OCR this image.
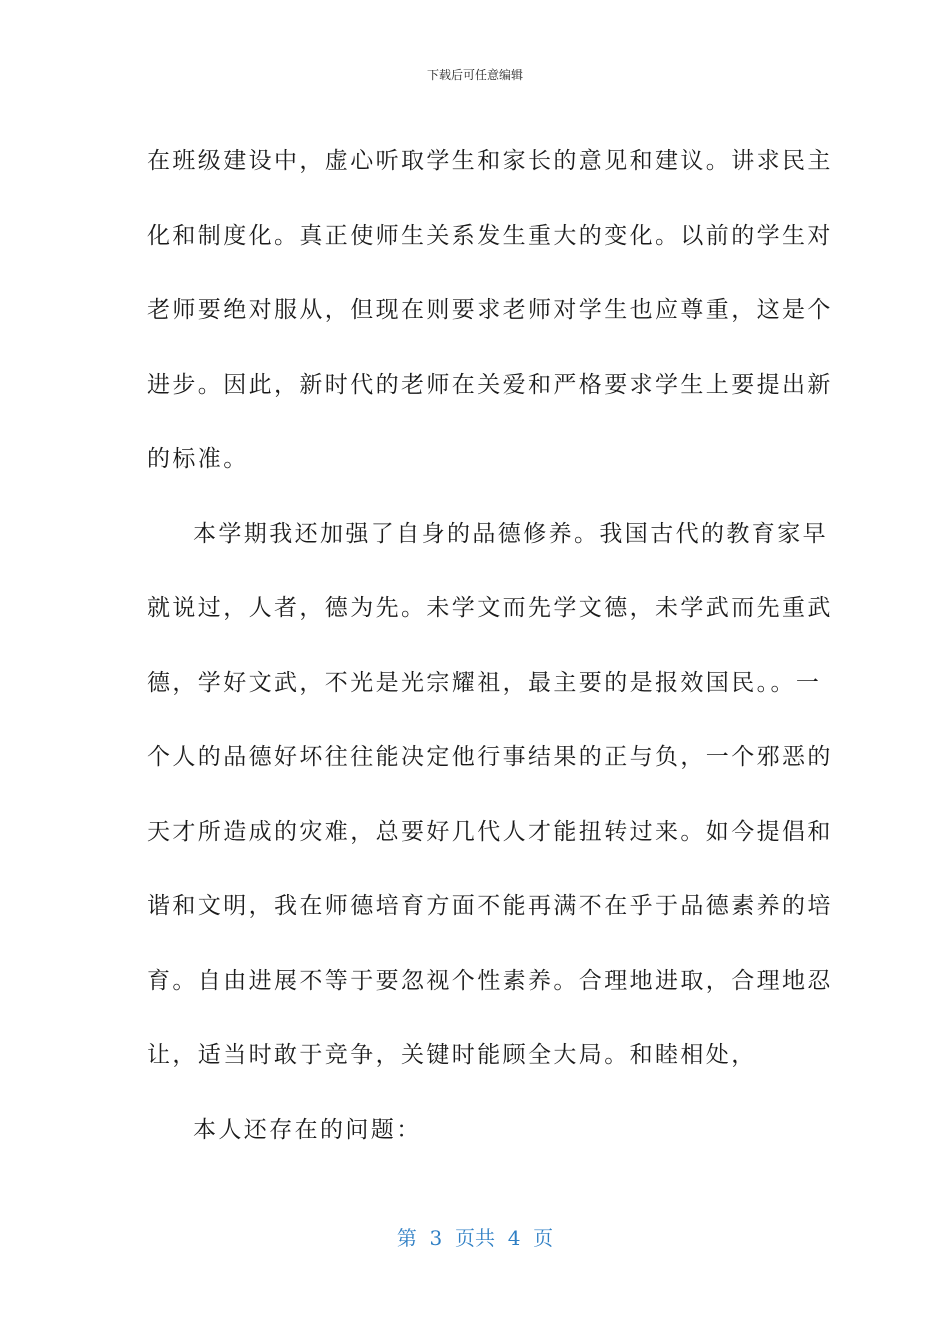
下载后可任意编辑
在班级建设中，虚心听取学生和家长的意见和建议。讲求民主
化和制度化。真正使师生关系发生重大的变化。以前的学生对
老师要绝对服从，但现在则要求老师对学生也应尊重，这是个
进步。因此，新时代的老师在关爱和严格要求学生上要提出新
的标准。
本学期我还加强了自身的品德修养。我国古代的教育家早
就说过，人者，德为先。未学文而先学文德，未学武而先重武
德，学好文武，不光是光宗耀祖，最主要的是报效国民。。一
个人的品德好坏往往能决定他行事结果的正与负，一个邪恶的
天才所造成的灾难，总要好几代人才能扭转过来。如今提倡和
谐和文明，我在师德培育方面不能再满不在乎于品德素养的培
育。自由进展不等于要忽视个性素养。合理地进取，合理地忍
让，适当时敢于竞争，关键时能顾全大局。和睦相处，
本人还存在的问题：
第  3  页共  4  页
